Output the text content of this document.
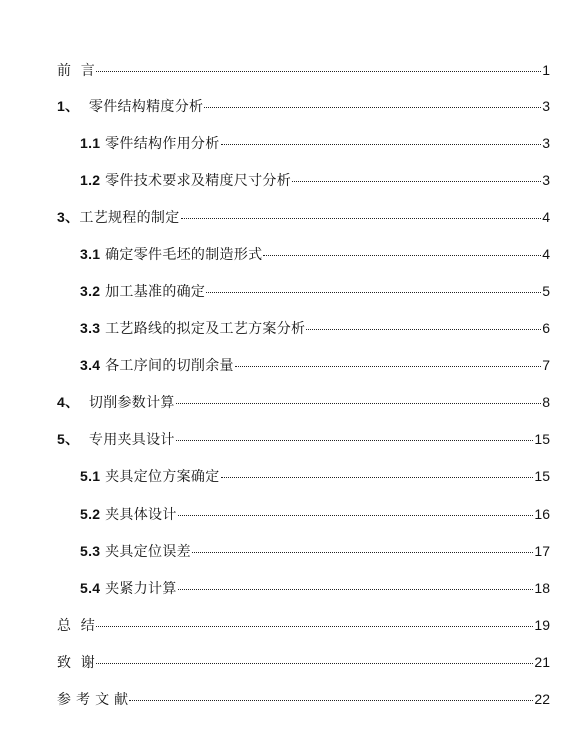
前  言	1
1、  零件结构精度分析	3
1.1 零件结构作用分析	3
1.2 零件技术要求及精度尺寸分析	3
3、工艺规程的制定	4
3.1 确定零件毛坯的制造形式	4
3.2 加工基准的确定	5
3.3 工艺路线的拟定及工艺方案分析	6
3.4 各工序间的切削余量	7
4、  切削参数计算	8
5、  专用夹具设计	15
5.1 夹具定位方案确定	15
5.2 夹具体设计	16
5.3 夹具定位误差	17
5.4 夹紧力计算	18
总  结	19
致  谢	21
参 考 文 献	22
